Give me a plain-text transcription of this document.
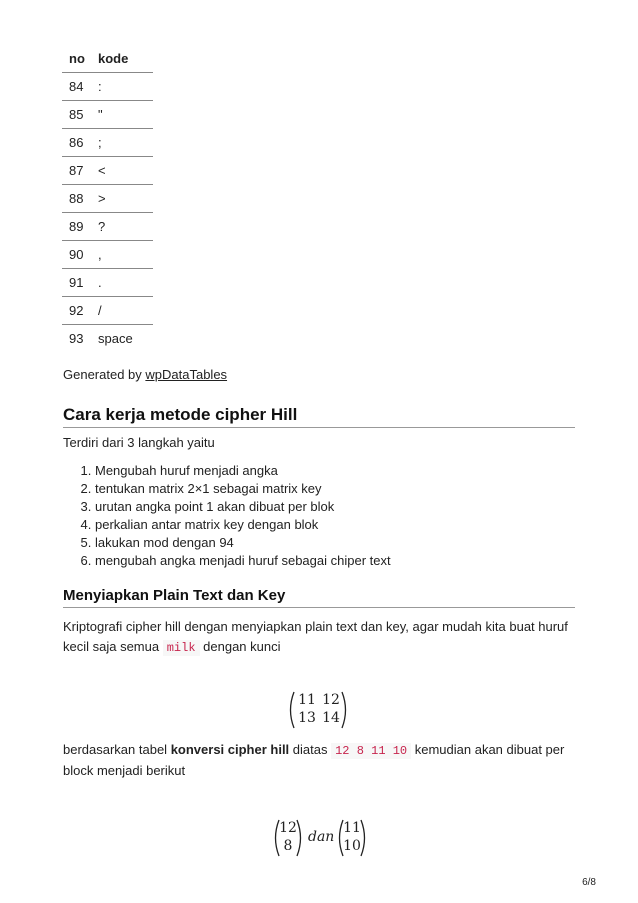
no	kode
84	:
85	"
86	;
87	<
88	>
89	?
90	,
91	.
92	/
93	space
Generated by wpDataTables
Cara kerja metode cipher Hill
Terdiri dari 3 langkah yaitu
1. Mengubah huruf menjadi angka
2. tentukan matrix 2×1 sebagai matrix key
3. urutan angka point 1 akan dibuat per blok
4. perkalian antar matrix key dengan blok
5. lakukan mod dengan 94
6. mengubah angka menjadi huruf sebagai chiper text
Menyiapkan Plain Text dan Key
Kriptografi cipher hill dengan menyiapkan plain text dan key, agar mudah kita buat huruf
kecil saja semua milk dengan kunci
11 12
13 14
berdasarkan tabel konversi cipher hill diatas 12 8 11 10 kemudian akan dibuat per
block menjadi berikut
12
8
dan
11
10
6/8
